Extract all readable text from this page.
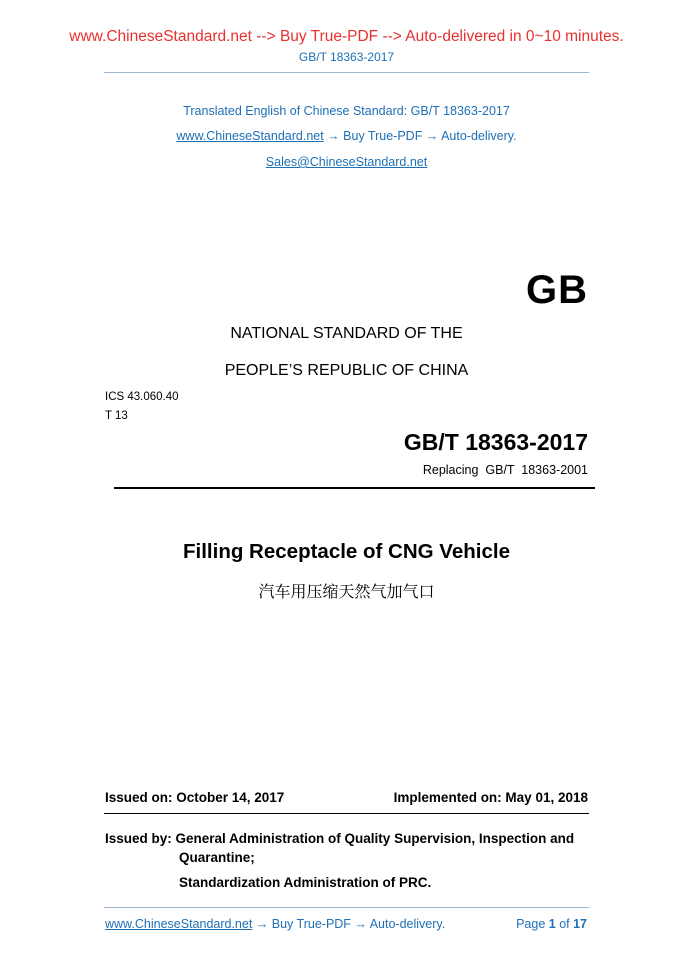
www.ChineseStandard.net --> Buy True-PDF --> Auto-delivered in 0~10 minutes.
GB/T 18363-2017
Translated English of Chinese Standard: GB/T 18363-2017
www.ChineseStandard.net → Buy True-PDF → Auto-delivery.
Sales@ChineseStandard.net
GB
NATIONAL STANDARD OF THE
PEOPLE’S REPUBLIC OF CHINA
ICS 43.060.40
T 13
GB/T 18363-2017
Replacing  GB/T  18363-2001
Filling Receptacle of CNG Vehicle
汽车用压缩天然气加气口
Issued on: October 14, 2017	Implemented on: May 01, 2018
Issued by: General Administration of Quality Supervision, Inspection and
Quarantine;
Standardization Administration of PRC.
www.ChineseStandard.net → Buy True-PDF → Auto-delivery.	Page 1 of 17
